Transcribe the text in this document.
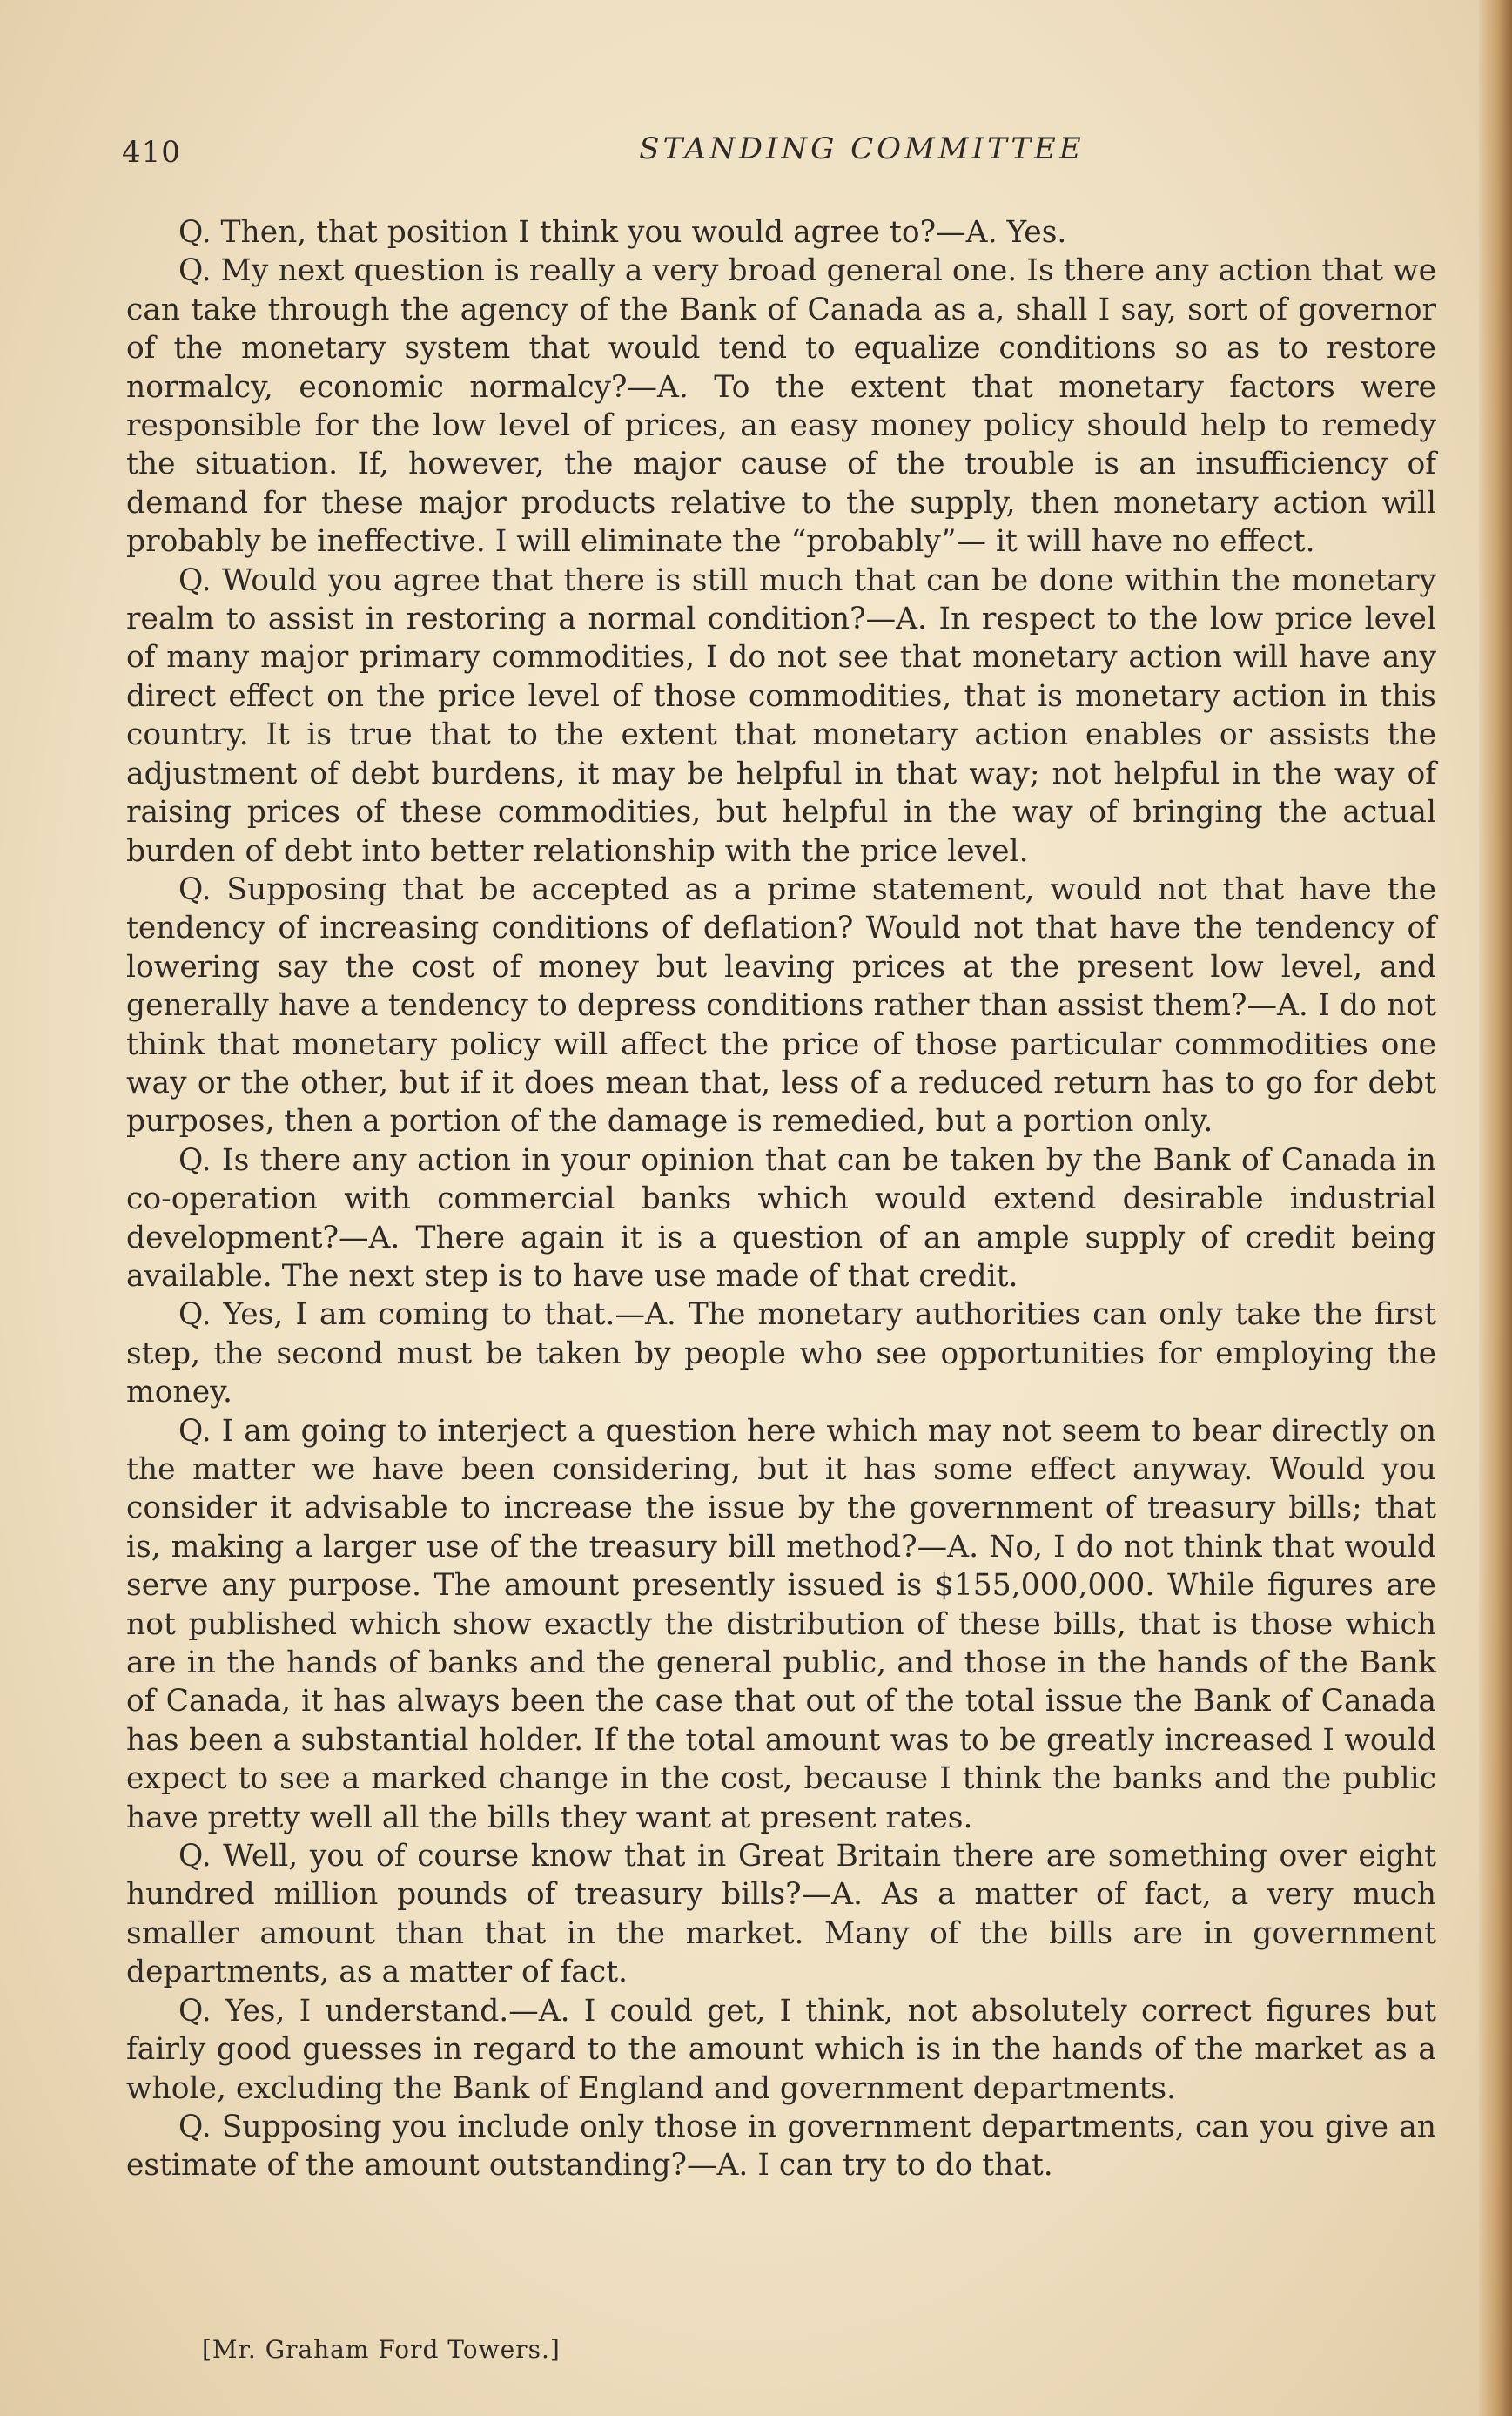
410	STANDING COMMITTEE

Q. Then, that position I think you would agree to?—A. Yes.

Q. My next question is really a very broad general one. Is there any action that we can take through the agency of the Bank of Canada as a, shall I say, sort of governor of the monetary system that would tend to equalize conditions so as to restore normalcy, economic normalcy?—A. To the extent that monetary factors were responsible for the low level of prices, an easy money policy should help to remedy the situation. If, however, the major cause of the trouble is an insufficiency of demand for these major products relative to the supply, then monetary action will probably be ineffective. I will eliminate the “probably”— it will have no effect.

Q. Would you agree that there is still much that can be done within the monetary realm to assist in restoring a normal condition?—A. In respect to the low price level of many major primary commodities, I do not see that monetary action will have any direct effect on the price level of those commodities, that is monetary action in this country. It is true that to the extent that monetary action enables or assists the adjustment of debt burdens, it may be helpful in that way; not helpful in the way of raising prices of these commodities, but helpful in the way of bringing the actual burden of debt into better relationship with the price level.

Q. Supposing that be accepted as a prime statement, would not that have the tendency of increasing conditions of deflation? Would not that have the tendency of lowering say the cost of money but leaving prices at the present low level, and generally have a tendency to depress conditions rather than assist them?—A. I do not think that monetary policy will affect the price of those particular commodities one way or the other, but if it does mean that, less of a reduced return has to go for debt purposes, then a portion of the damage is remedied, but a portion only.

Q. Is there any action in your opinion that can be taken by the Bank of Canada in co-operation with commercial banks which would extend desirable industrial development?—A. There again it is a question of an ample supply of credit being available. The next step is to have use made of that credit.

Q. Yes, I am coming to that.—A. The monetary authorities can only take the first step, the second must be taken by people who see opportunities for employing the money.

Q. I am going to interject a question here which may not seem to bear directly on the matter we have been considering, but it has some effect anyway. Would you consider it advisable to increase the issue by the government of treasury bills; that is, making a larger use of the treasury bill method?—A. No, I do not think that would serve any purpose. The amount presently issued is $155,000,000. While figures are not published which show exactly the distribution of these bills, that is those which are in the hands of banks and the general public, and those in the hands of the Bank of Canada, it has always been the case that out of the total issue the Bank of Canada has been a substantial holder. If the total amount was to be greatly increased I would expect to see a marked change in the cost, because I think the banks and the public have pretty well all the bills they want at present rates.

Q. Well, you of course know that in Great Britain there are something over eight hundred million pounds of treasury bills?—A. As a matter of fact, a very much smaller amount than that in the market. Many of the bills are in government departments, as a matter of fact.

Q. Yes, I understand.—A. I could get, I think, not absolutely correct figures but fairly good guesses in regard to the amount which is in the hands of the market as a whole, excluding the Bank of England and government departments.

Q. Supposing you include only those in government departments, can you give an estimate of the amount outstanding?—A. I can try to do that.

[Mr. Graham Ford Towers.]
